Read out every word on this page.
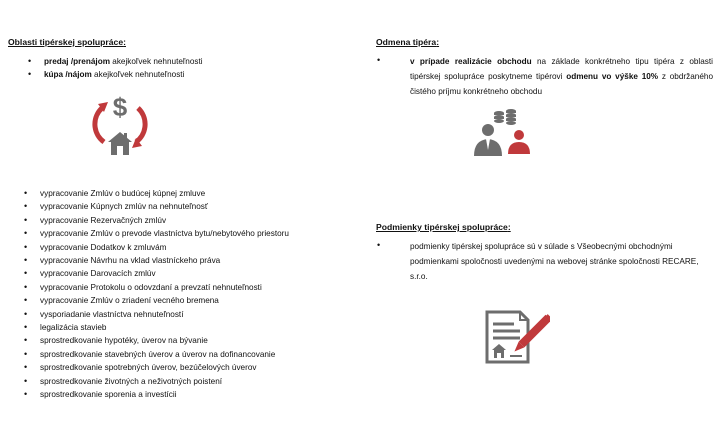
Oblasti tipérskej spolupráce:
• predaj /prenájom akejkoľvek nehnuteľnosti
• kúpa /nájom akejkoľvek nehnuteľnosti
$
• vypracovanie Zmlúv o budúcej kúpnej zmluve
• vypracovanie Kúpnych zmlúv na nehnuteľnosť
• vypracovanie Rezervačných zmlúv
• vypracovanie Zmlúv o prevode vlastníctva bytu/nebytového priestoru
• vypracovanie Dodatkov k zmluvám
• vypracovanie Návrhu na vklad vlastníckeho práva
• vypracovanie Darovacích zmlúv
• vypracovanie Protokolu o odovzdaní a prevzatí nehnuteľnosti
• vypracovanie Zmlúv o zriadení vecného bremena
• vysporiadanie vlastníctva nehnuteľností
• legalizácia stavieb
• sprostredkovanie hypotéky, úverov na bývanie
• sprostredkovanie stavebných úverov a úverov na dofinancovanie
• sprostredkovanie spotrebných úverov, bezúčelových úverov
• sprostredkovanie životných a neživotných poistení
• sprostredkovanie sporenia a investícii
Odmena tipéra:
•	v prípade realizácie obchodu na základe konkrétneho tipu tipéra z oblasti tipérskej spolupráce poskytneme tipérovi odmenu vo výške 10% z obdržaného čistého príjmu konkrétneho obchodu
Podmienky tipérskej spolupráce:
•	podmienky tipérskej spolupráce sú v súlade s Všeobecnými obchodnými podmienkami spoločnosti uvedenými na webovej stránke spoločnosti RECARE, s.r.o.
